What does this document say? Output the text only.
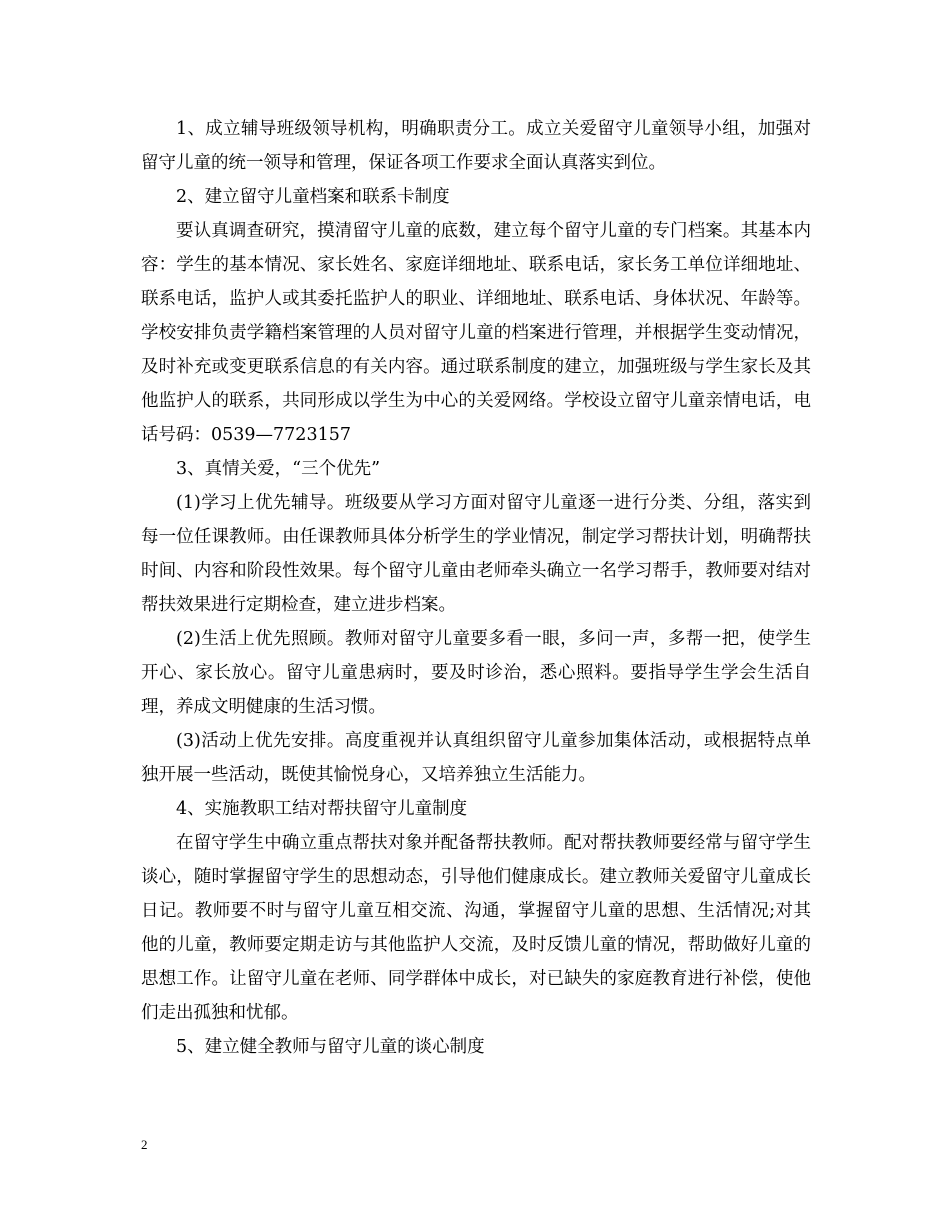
1、成立辅导班级领导机构，明确职责分工。成立关爱留守儿童领导小组，加强对留守儿童的统一领导和管理，保证各项工作要求全面认真落实到位。

2、建立留守儿童档案和联系卡制度

要认真调查研究，摸清留守儿童的底数，建立每个留守儿童的专门档案。其基本内容：学生的基本情况、家长姓名、家庭详细地址、联系电话，家长务工单位详细地址、联系电话，监护人或其委托监护人的职业、详细地址、联系电话、身体状况、年龄等。学校安排负责学籍档案管理的人员对留守儿童的档案进行管理，并根据学生变动情况，及时补充或变更联系信息的有关内容。通过联系制度的建立，加强班级与学生家长及其他监护人的联系，共同形成以学生为中心的关爱网络。学校设立留守儿童亲情电话，电话号码：0539—7723157

3、真情关爱，“三个优先”

(1)学习上优先辅导。班级要从学习方面对留守儿童逐一进行分类、分组，落实到每一位任课教师。由任课教师具体分析学生的学业情况，制定学习帮扶计划，明确帮扶时间、内容和阶段性效果。每个留守儿童由老师牵头确立一名学习帮手，教师要对结对帮扶效果进行定期检查，建立进步档案。

(2)生活上优先照顾。教师对留守儿童要多看一眼，多问一声，多帮一把，使学生开心、家长放心。留守儿童患病时，要及时诊治，悉心照料。要指导学生学会生活自理，养成文明健康的生活习惯。

(3)活动上优先安排。高度重视并认真组织留守儿童参加集体活动，或根据特点单独开展一些活动，既使其愉悦身心，又培养独立生活能力。

4、实施教职工结对帮扶留守儿童制度

在留守学生中确立重点帮扶对象并配备帮扶教师。配对帮扶教师要经常与留守学生谈心，随时掌握留守学生的思想动态，引导他们健康成长。建立教师关爱留守儿童成长日记。教师要不时与留守儿童互相交流、沟通，掌握留守儿童的思想、生活情况;对其他的儿童，教师要定期走访与其他监护人交流，及时反馈儿童的情况，帮助做好儿童的思想工作。让留守儿童在老师、同学群体中成长，对已缺失的家庭教育进行补偿，使他们走出孤独和忧郁。

5、建立健全教师与留守儿童的谈心制度

2
